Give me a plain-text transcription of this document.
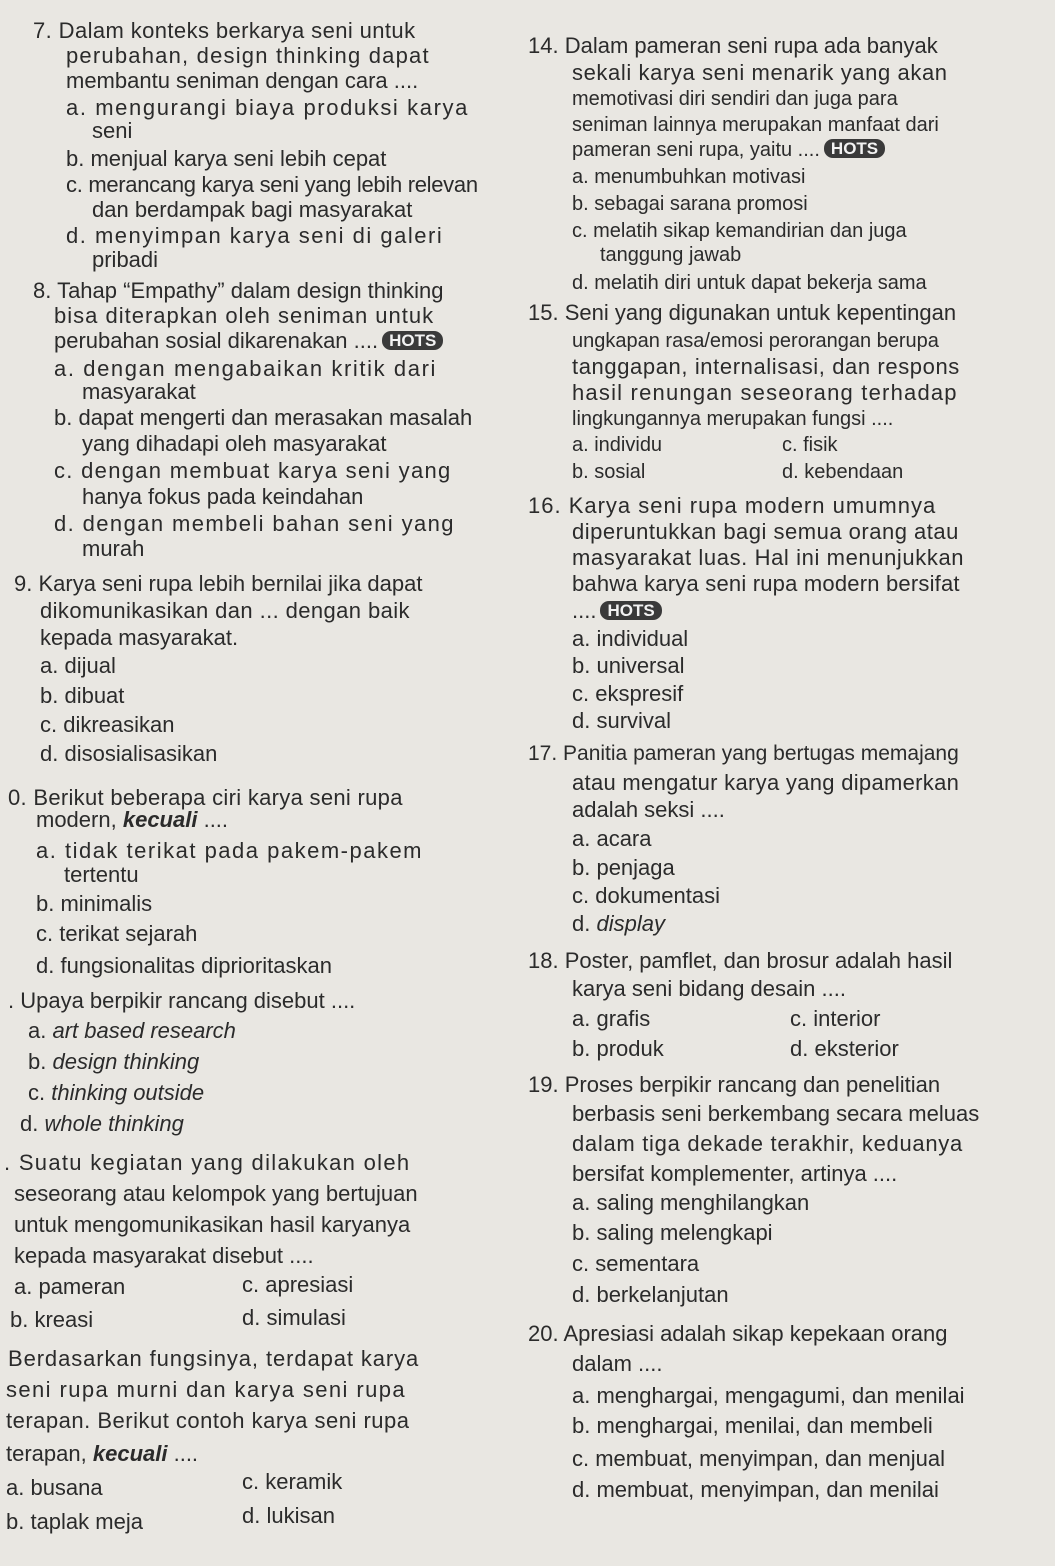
7. Dalam konteks berkarya seni untuk
perubahan, design thinking dapat
membantu seniman dengan cara ....
a. mengurangi biaya produksi karya
seni
b. menjual karya seni lebih cepat
c. merancang karya seni yang lebih relevan
dan berdampak bagi masyarakat
d. menyimpan karya seni di galeri
pribadi
8. Tahap “Empathy” dalam design thinking
bisa diterapkan oleh seniman untuk
perubahan sosial dikarenakan .... HOTS
a. dengan mengabaikan kritik dari
masyarakat
b. dapat mengerti dan merasakan masalah
yang dihadapi oleh masyarakat
c. dengan membuat karya seni yang
hanya fokus pada keindahan
d. dengan membeli bahan seni yang
murah
9. Karya seni rupa lebih bernilai jika dapat
dikomunikasikan dan ... dengan baik
kepada masyarakat.
a. dijual
b. dibuat
c. dikreasikan
d. disosialisasikan
0. Berikut beberapa ciri karya seni rupa
modern, kecuali ....
a. tidak terikat pada pakem-pakem
tertentu
b. minimalis
c. terikat sejarah
d. fungsionalitas diprioritaskan
. Upaya berpikir rancang disebut ....
a. art based research
b. design thinking
c. thinking outside
d. whole thinking
. Suatu kegiatan yang dilakukan oleh
seseorang atau kelompok yang bertujuan
untuk mengomunikasikan hasil karyanya
kepada masyarakat disebut ....
a. pameran	c. apresiasi
b. kreasi	d. simulasi
Berdasarkan fungsinya, terdapat karya
seni rupa murni dan karya seni rupa
terapan. Berikut contoh karya seni rupa
terapan, kecuali ....
a. busana	c. keramik
b. taplak meja	d. lukisan
14. Dalam pameran seni rupa ada banyak
sekali karya seni menarik yang akan
memotivasi diri sendiri dan juga para
seniman lainnya merupakan manfaat dari
pameran seni rupa, yaitu .... HOTS
a. menumbuhkan motivasi
b. sebagai sarana promosi
c. melatih sikap kemandirian dan juga
tanggung jawab
d. melatih diri untuk dapat bekerja sama
15. Seni yang digunakan untuk kepentingan
ungkapan rasa/emosi perorangan berupa
tanggapan, internalisasi, dan respons
hasil renungan seseorang terhadap
lingkungannya merupakan fungsi ....
a. individu	c. fisik
b. sosial	d. kebendaan
16. Karya seni rupa modern umumnya
diperuntukkan bagi semua orang atau
masyarakat luas. Hal ini menunjukkan
bahwa karya seni rupa modern bersifat
.... HOTS
a. individual
b. universal
c. ekspresif
d. survival
17. Panitia pameran yang bertugas memajang
atau mengatur karya yang dipamerkan
adalah seksi ....
a. acara
b. penjaga
c. dokumentasi
d. display
18. Poster, pamflet, dan brosur adalah hasil
karya seni bidang desain ....
a. grafis	c. interior
b. produk	d. eksterior
19. Proses berpikir rancang dan penelitian
berbasis seni berkembang secara meluas
dalam tiga dekade terakhir, keduanya
bersifat komplementer, artinya ....
a. saling menghilangkan
b. saling melengkapi
c. sementara
d. berkelanjutan
20. Apresiasi adalah sikap kepekaan orang
dalam ....
a. menghargai, mengagumi, dan menilai
b. menghargai, menilai, dan membeli
c. membuat, menyimpan, dan menjual
d. membuat, menyimpan, dan menilai
